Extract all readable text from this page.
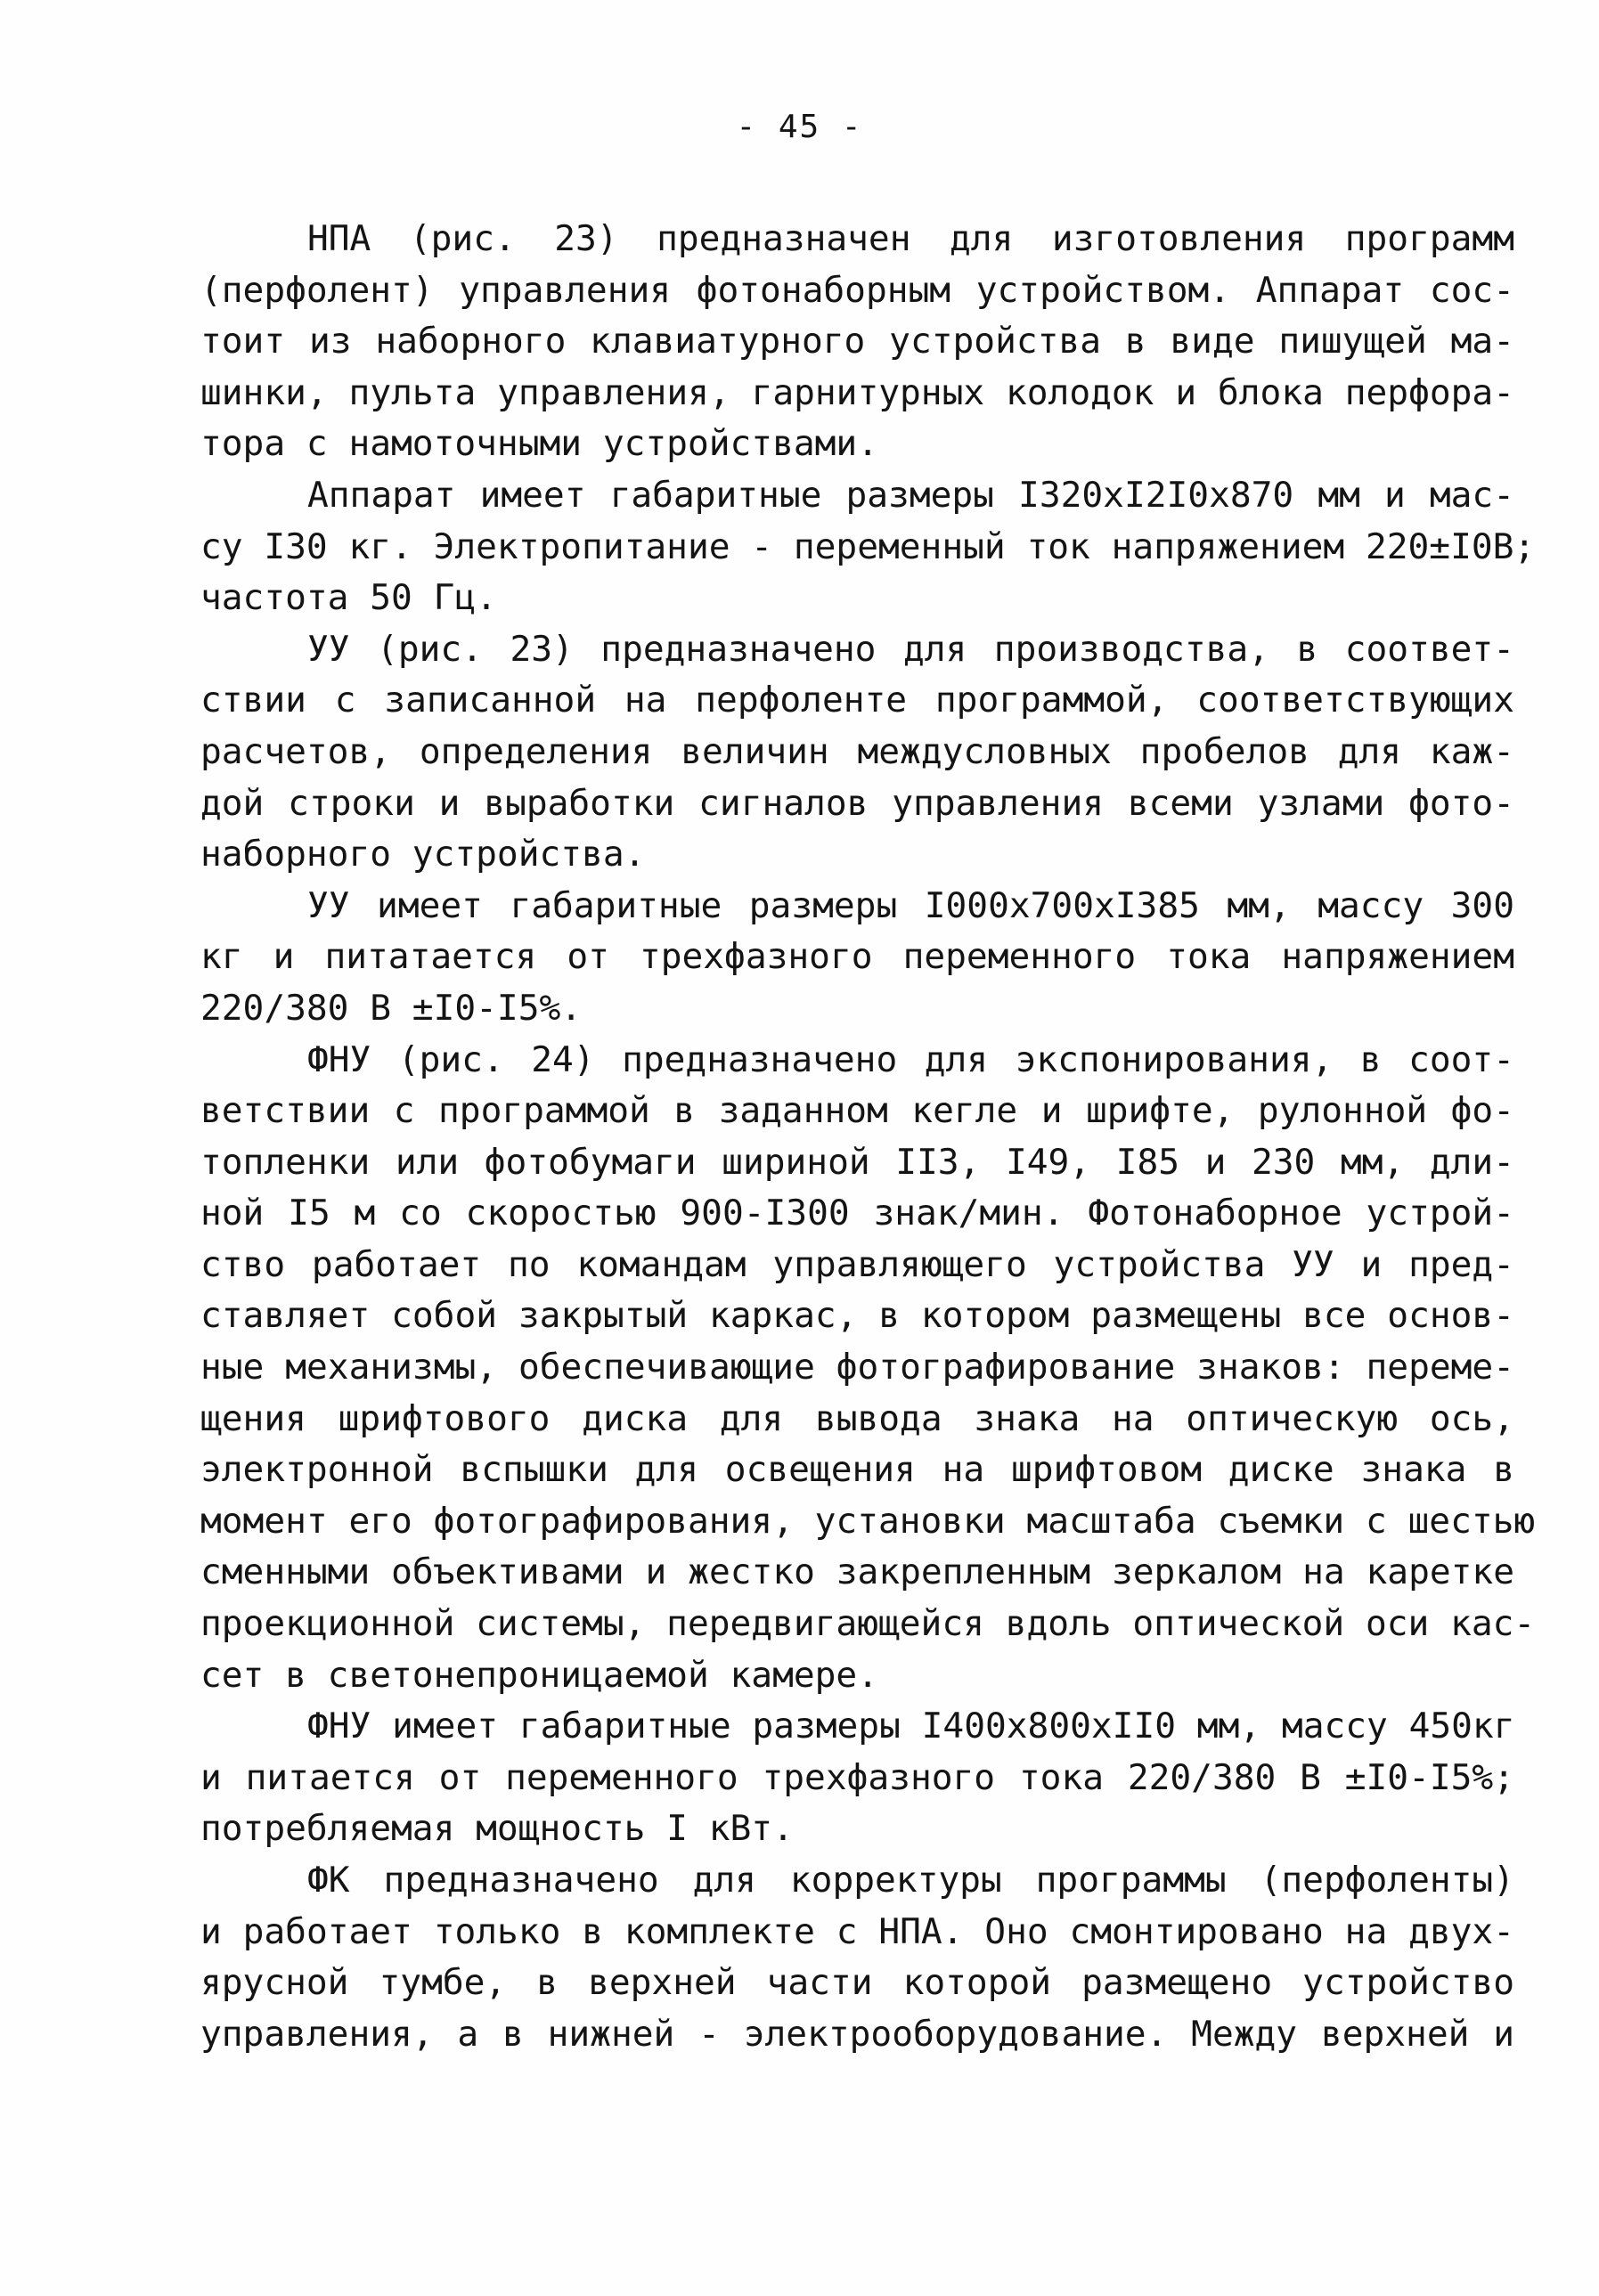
- 45 -
НПА (рис. 23) предназначен для изготовления программ
(перфолент) управления фотонаборным устройством. Аппарат сос-
тоит из наборного клавиатурного устройства в виде пишущей ма-
шинки, пульта управления, гарнитурных колодок и блока перфора-
тора с намоточными устройствами.
Аппарат имеет габаритные размеры I320xI2I0x870 мм и мас-
су I30 кг. Электропитание - переменный ток напряжением 220±I0В;
частота 50 Гц.
УУ (рис. 23) предназначено для производства, в соответ-
ствии с записанной на перфоленте программой, соответствующих
расчетов, определения величин междусловных пробелов для каж-
дой строки и выработки сигналов управления всеми узлами фото-
наборного устройства.
УУ имеет габаритные размеры I000x700xI385 мм, массу 300
кг и питатается от трехфазного переменного тока напряжением
220/380 В ±I0-I5%.
ФНУ (рис. 24) предназначено для экспонирования, в соот-
ветствии с программой в заданном кегле и шрифте, рулонной фо-
топленки или фотобумаги шириной II3, I49, I85 и 230 мм, дли-
ной I5 м со скоростью 900-I300 знак/мин. Фотонаборное устрой-
ство работает по командам управляющего устройства УУ и пред-
ставляет собой закрытый каркас, в котором размещены все основ-
ные механизмы, обеспечивающие фотографирование знаков: переме-
щения шрифтового диска для вывода знака на оптическую ось,
электронной вспышки для освещения на шрифтовом диске знака в
момент его фотографирования, установки масштаба съемки с шестью
сменными объективами и жестко закрепленным зеркалом на каретке
проекционной системы, передвигающейся вдоль оптической оси кас-
сет в светонепроницаемой камере.
ФНУ имеет габаритные размеры I400x800xII0 мм, массу 450кг
и питается от переменного трехфазного тока 220/380 В ±I0-I5%;
потребляемая мощность I кВт.
ФК предназначено для корректуры программы (перфоленты)
и работает только в комплекте с НПА. Оно смонтировано на двух-
ярусной тумбе, в верхней части которой размещено устройство
управления, а в нижней - электрооборудование. Между верхней и
